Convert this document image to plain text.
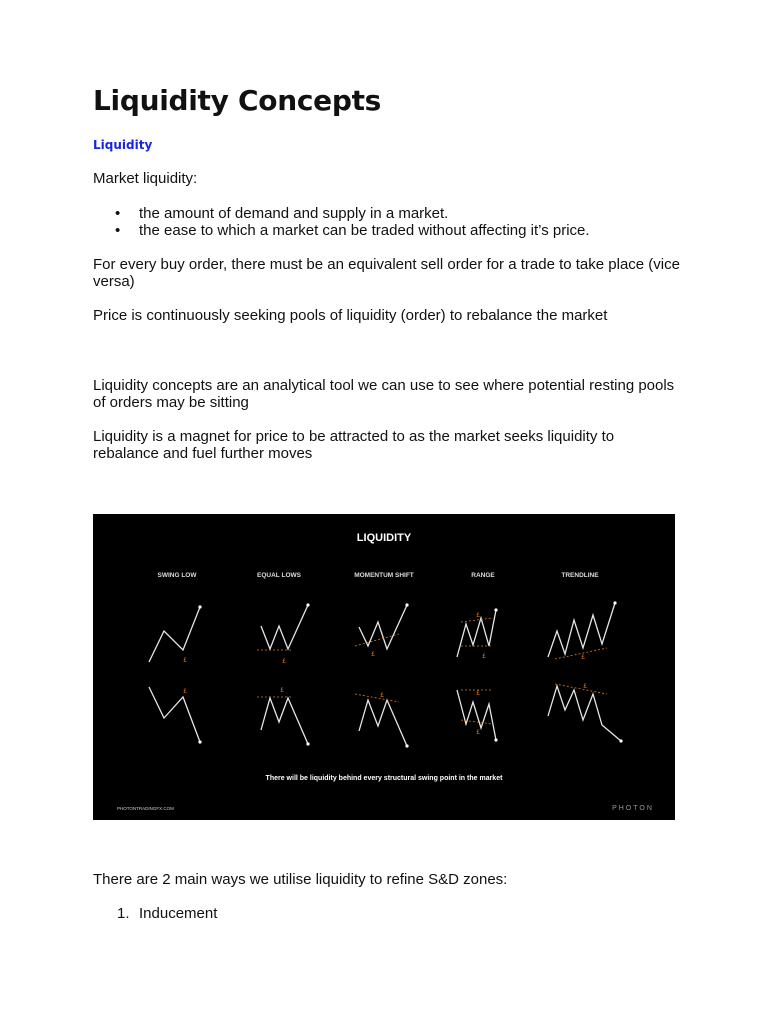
Liquidity Concepts
Liquidity
Market liquidity:
• the amount of demand and supply in a market.
• the ease to which a market can be traded without affecting it’s price.
For every buy order, there must be an equivalent sell order for a trade to take place (vice versa)
Price is continuously seeking pools of liquidity (order) to rebalance the market
Liquidity concepts are an analytical tool we can use to see where potential resting pools of orders may be sitting
Liquidity is a magnet for price to be attracted to as the market seeks liquidity to rebalance and fuel further moves
There are 2 main ways we utilise liquidity to refine S&D zones:
1. Inducement
LIQUIDITY
SWING LOW	EQUAL LOWS	MOMENTUM SHIFT	RANGE	TRENDLINE
£	£
£
£
£	£
£	£
£	£
£
£
There will be liquidity behind every structural swing point in the market
PHOTONTRADINGFX.COM	PHOTON
